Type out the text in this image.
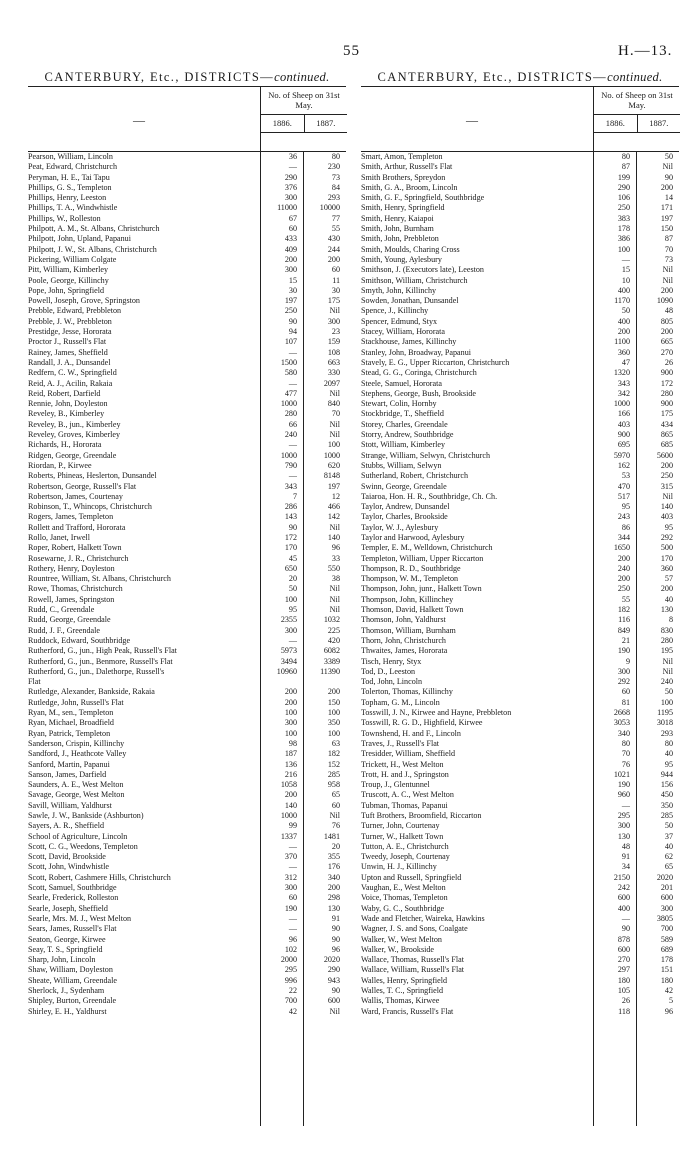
55	H.—13.
CANTERBURY, Etc., DISTRICTS—continued.
—
No. of Sheep on 31st May.
1886.	1887.
Pearson, William, Lincoln	36	80
Peat, Edward, Christchurch	—	230
Peryman, H. E., Tai Tapu	290	73
Phillips, G. S., Templeton	376	84
Phillips, Henry, Leeston	300	293
Phillips, T. A., Windwhistle	11000	10000
Phillips, W., Rolleston	67	77
Philpott, A. M., St. Albans, Christchurch	60	55
Philpott, John, Upland, Papanui	433	430
Philpott, J. W., St. Albans, Christchurch	409	244
Pickering, William Colgate	200	200
Pitt, William, Kimberley	300	60
Poole, George, Killinchy	15	11
Pope, John, Springfield	30	30
Powell, Joseph, Grove, Springston	197	175
Prebble, Edward, Prebbleton	250	Nil
Prebble, J. W., Prebbleton	90	300
Prestidge, Jesse, Hororata	94	23
Proctor J., Russell's Flat	107	159
Rainey, James, Sheffield	—	108
Randall, J. A., Dunsandel	1500	663
Redfern, C. W., Springfield	580	330
Reid, A. J., Acilin, Rakaia	—	2097
Reid, Robert, Darfield	477	Nil
Rennie, John, Doyleston	1000	840
Reveley, B., Kimberley	280	70
Reveley, B., jun., Kimberley	66	Nil
Reveley, Groves, Kimberley	240	Nil
Richards, H., Hororata	—	100
Ridgen, George, Greendale	1000	1000
Riordan, P., Kirwee	790	620
Roberts, Phineas, Heslerton, Dunsandel	—	8148
Robertson, George, Russell's Flat	343	197
Robertson, James, Courtenay	7	12
Robinson, T., Whincops, Christchurch	286	466
Rogers, James, Templeton	143	142
Rollett and Trafford, Hororata	90	Nil
Rollo, Janet, Irwell	172	140
Roper, Robert, Halkett Town	170	96
Rosewarne, J. R., Christchurch	45	33
Rothery, Henry, Doyleston	650	550
Rountree, William, St. Albans, Christchurch	20	38
Rowe, Thomas, Christchurch	50	Nil
Rowell, James, Springston	100	Nil
Rudd, C., Greendale	95	Nil
Rudd, George, Greendale	2355	1032
Rudd, J. F., Greendale	300	225
Ruddock, Edward, Southbridge	—	420
Rutherford, G., jun., High Peak, Russell's Flat	5973	6082
Rutherford, G., jun., Benmore, Russell's Flat	3494	3389
Rutherford, G., jun., Dalethorpe, Russell's	10960	11390
Flat
Rutledge, Alexander, Bankside, Rakaia	200	200
Rutledge, John, Russell's Flat	200	150
Ryan, M., sen., Templeton	100	100
Ryan, Michael, Broadfield	300	350
Ryan, Patrick, Templeton	100	100
Sanderson, Crispin, Killinchy	98	63
Sandford, J., Heathcote Valley	187	182
Sanford, Martin, Papanui	136	152
Sanson, James, Darfield	216	285
Saunders, A. E., West Melton	1058	958
Savage, George, West Melton	200	65
Savill, William, Yaldhurst	140	60
Sawle, J. W., Bankside (Ashburton)	1000	Nil
Sayers, A. R., Sheffield	99	76
School of Agriculture, Lincoln	1337	1481
Scott, C. G., Weedons, Templeton	—	20
Scott, David, Brookside	370	355
Scott, John, Windwhistle	—	176
Scott, Robert, Cashmere Hills, Christchurch	312	340
Scott, Samuel, Southbridge	300	200
Searle, Frederick, Rolleston	60	298
Searle, Joseph, Sheffield	190	130
Searle, Mrs. M. J., West Melton	—	91
Sears, James, Russell's Flat	—	90
Seaton, George, Kirwee	96	90
Seay, T. S., Springfield	102	96
Sharp, John, Lincoln	2000	2020
Shaw, William, Doyleston	295	290
Sheate, William, Greendale	996	943
Sherlock, J., Sydenham	22	90
Shipley, Burton, Greendale	700	600
Shirley, E. H., Yaldhurst	42	Nil
CANTERBURY, Etc., DISTRICTS—continued.
—
No. of Sheep on 31st May.
1886.	1887.
Smart, Amon, Templeton	80	50
Smith, Arthur, Russell's Flat	87	Nil
Smith Brothers, Spreydon	199	90
Smith, G. A., Broom, Lincoln	290	200
Smith, G. F., Springfield, Southbridge	106	14
Smith, Henry, Springfield	250	171
Smith, Henry, Kaiapoi	383	197
Smith, John, Burnham	178	150
Smith, John, Prebbleton	386	87
Smith, Moulds, Charing Cross	100	70
Smith, Young, Aylesbury	—	73
Smithson, J. (Executors late), Leeston	15	Nil
Smithson, William, Christchurch	10	Nil
Smyth, John, Killinchy	400	200
Sowden, Jonathan, Dunsandel	1170	1090
Spence, J., Killinchy	50	48
Spencer, Edmund, Styx	400	805
Stacey, William, Hororata	200	200
Stackhouse, James, Killinchy	1100	665
Stanley, John, Broadway, Papanui	360	270
Stavely, E. G., Upper Riccarton, Christchurch	47	26
Stead, G. G., Coringa, Christchurch	1320	900
Steele, Samuel, Hororata	343	172
Stephens, George, Bush, Brookside	342	280
Stewart, Colin, Hornby	1000	900
Stockbridge, T., Sheffield	166	175
Storey, Charles, Greendale	403	434
Storry, Andrew, Southbridge	900	865
Stott, William, Kimberley	695	685
Strange, William, Selwyn, Christchurch	5970	5600
Stubbs, William, Selwyn	162	200
Sutherland, Robert, Christchurch	53	250
Swinn, George, Greendale	470	315
Taiaroa, Hon. H. R., Southbridge, Ch. Ch.	517	Nil
Taylor, Andrew, Dunsandel	95	140
Taylor, Charles, Brookside	243	403
Taylor, W. J., Aylesbury	86	95
Taylor and Harwood, Aylesbury	344	292
Templer, E. M., Welldown, Christchurch	1650	500
Templeton, William, Upper Riccarton	200	170
Thompson, R. D., Southbridge	240	360
Thompson, W. M., Templeton	200	57
Thompson, John, junr., Halkett Town	250	200
Thompson, John, Killinchey	55	40
Thomson, David, Halkett Town	182	130
Thomson, John, Yaldhurst	116	8
Thomson, William, Burnham	849	830
Thorn, John, Christchurch	21	280
Thwaites, James, Hororata	190	195
Tisch, Henry, Styx	9	Nil
Tod, D., Leeston	300	Nil
Tod, John, Lincoln	292	240
Tolerton, Thomas, Killinchy	60	50
Topham, G. M., Lincoln	81	100
Tosswill, J. N., Kirwee and Hayne, Prebbleton	2668	1195
Tosswill, R. G. D., Highfield, Kirwee	3053	3018
Townshend, H. and F., Lincoln	340	293
Traves, J., Russell's Flat	80	80
Tresidder, William, Sheffield	70	40
Trickett, H., West Melton	76	95
Trott, H. and J., Springston	1021	944
Troup, J., Glentunnel	190	156
Truscott, A. C., West Melton	960	450
Tubman, Thomas, Papanui	—	350
Tuft Brothers, Broomfield, Riccarton	295	285
Turner, John, Courtenay	300	50
Turner, W., Halkett Town	130	37
Tutton, A. E., Christchurch	48	40
Tweedy, Joseph, Courtenay	91	62
Unwin, H. J., Killinchy	34	65
Upton and Russell, Springfield	2150	2020
Vaughan, E., West Melton	242	201
Voice, Thomas, Templeton	600	600
Waby, G. C., Southbridge	400	300
Wade and Fletcher, Waireka, Hawkins	—	3805
Wagner, J. S. and Sons, Coalgate	90	700
Walker, W., West Melton	878	589
Walker, W., Brookside	600	689
Wallace, Thomas, Russell's Flat	270	178
Wallace, William, Russell's Flat	297	151
Walles, Henry, Springfield	180	180
Walles, T. C., Springfield	105	42
Wallis, Thomas, Kirwee	26	5
Ward, Francis, Russell's Flat	118	96
